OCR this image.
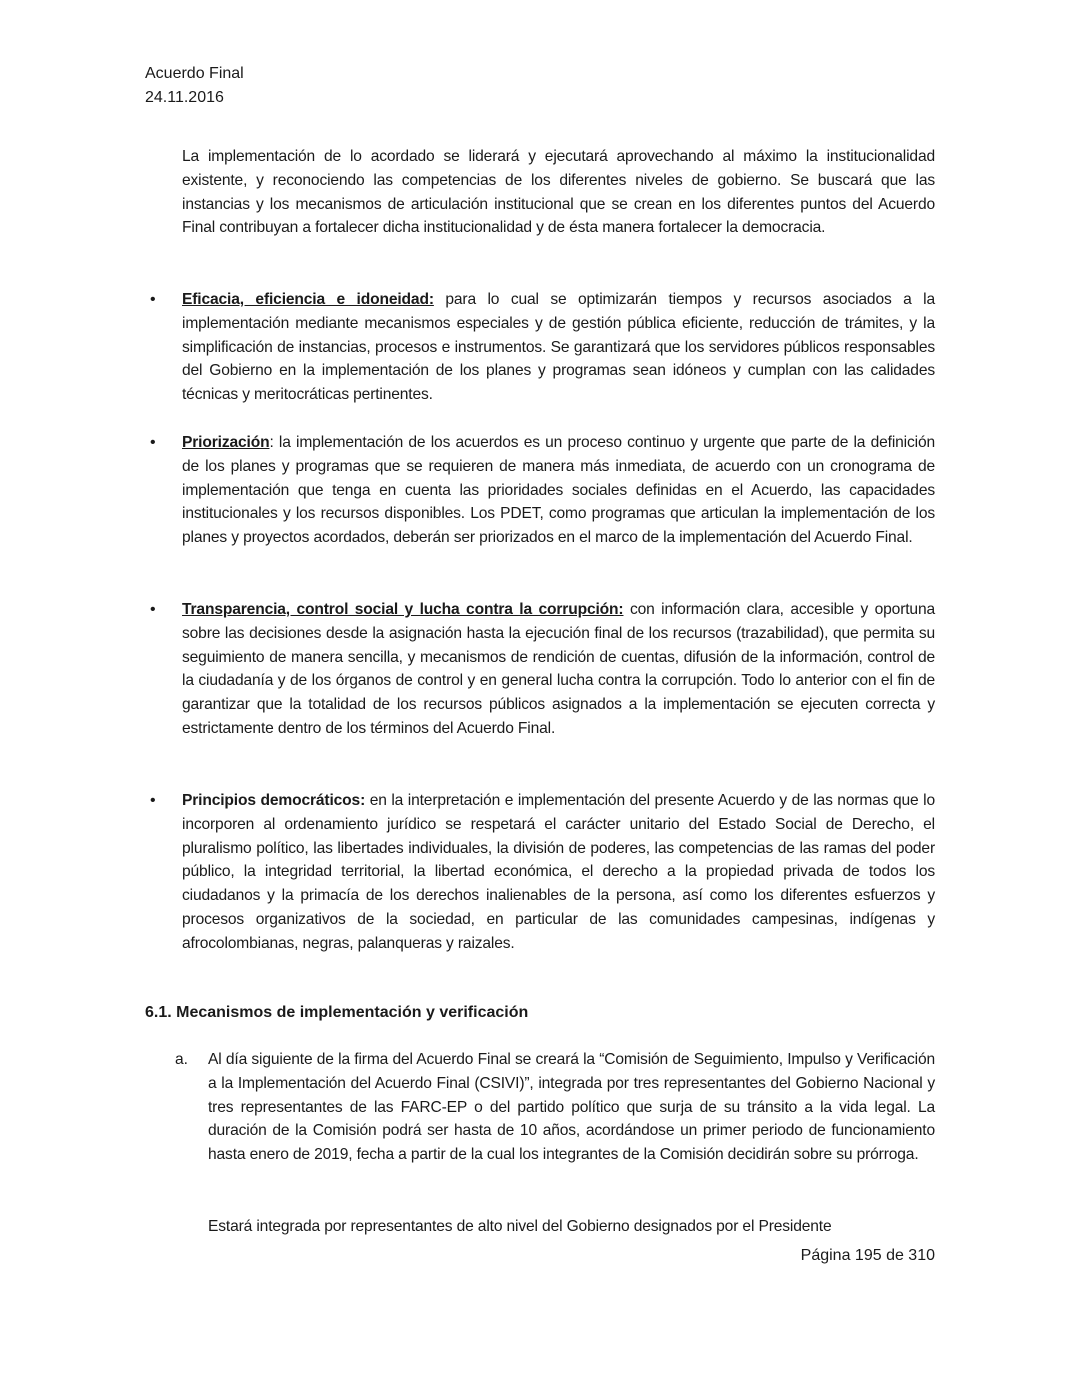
Acuerdo Final
24.11.2016

La implementación de lo acordado se liderará y ejecutará aprovechando al máximo la institucionalidad existente, y reconociendo las competencias de los diferentes niveles de gobierno. Se buscará que las instancias y los mecanismos de articulación institucional que se crean en los diferentes puntos del Acuerdo Final contribuyan a fortalecer dicha institucionalidad y de ésta manera fortalecer la democracia.

• Eficacia, eficiencia e idoneidad: para lo cual se optimizarán tiempos y recursos asociados a la implementación mediante mecanismos especiales y de gestión pública eficiente, reducción de trámites, y la simplificación de instancias, procesos e instrumentos. Se garantizará que los servidores públicos responsables del Gobierno en la implementación de los planes y programas sean idóneos y cumplan con las calidades técnicas y meritocráticas pertinentes.

• Priorización: la implementación de los acuerdos es un proceso continuo y urgente que parte de la definición de los planes y programas que se requieren de manera más inmediata, de acuerdo con un cronograma de implementación que tenga en cuenta las prioridades sociales definidas en el Acuerdo, las capacidades institucionales y los recursos disponibles. Los PDET, como programas que articulan la implementación de los planes y proyectos acordados, deberán ser priorizados en el marco de la implementación del Acuerdo Final.

• Transparencia, control social y lucha contra la corrupción: con información clara, accesible y oportuna sobre las decisiones desde la asignación hasta la ejecución final de los recursos (trazabilidad), que permita su seguimiento de manera sencilla, y mecanismos de rendición de cuentas, difusión de la información, control de la ciudadanía y de los órganos de control y en general lucha contra la corrupción. Todo lo anterior con el fin de garantizar que la totalidad de los recursos públicos asignados a la implementación se ejecuten correcta y estrictamente dentro de los términos del Acuerdo Final.

• Principios democráticos: en la interpretación e implementación del presente Acuerdo y de las normas que lo incorporen al ordenamiento jurídico se respetará el carácter unitario del Estado Social de Derecho, el pluralismo político, las libertades individuales, la división de poderes, las competencias de las ramas del poder público, la integridad territorial, la libertad económica, el derecho a la propiedad privada de todos los ciudadanos y la primacía de los derechos inalienables de la persona, así como los diferentes esfuerzos y procesos organizativos de la sociedad, en particular de las comunidades campesinas, indígenas y afrocolombianas, negras, palanqueras y raizales.

6.1. Mecanismos de implementación y verificación
a.	Al día siguiente de la firma del Acuerdo Final se creará la “Comisión de Seguimiento, Impulso y Verificación a la Implementación del Acuerdo Final (CSIVI)”, integrada por tres representantes del Gobierno Nacional y tres representantes de las FARC-EP o del partido político que surja de su tránsito a la vida legal. La duración de la Comisión podrá ser hasta de 10 años, acordándose un primer periodo de funcionamiento hasta enero de 2019, fecha a partir de la cual los integrantes de la Comisión decidirán sobre su prórroga.

Estará integrada por representantes de alto nivel del Gobierno designados por el Presidente

Página 195 de 310
